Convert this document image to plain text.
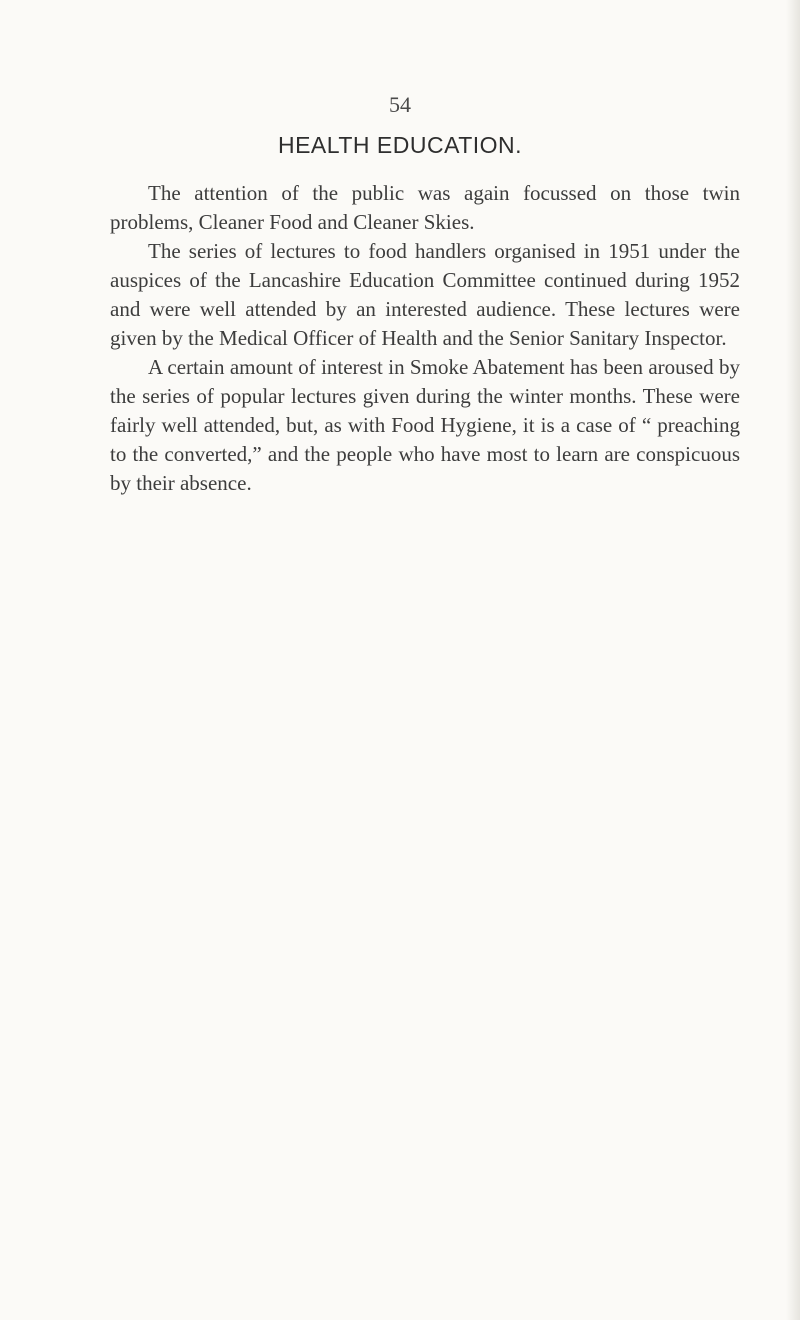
54
HEALTH EDUCATION.

The attention of the public was again focussed on those twin problems, Cleaner Food and Cleaner Skies.

The series of lectures to food handlers organised in 1951 under the auspices of the Lancashire Education Committee continued during 1952 and were well attended by an interested audience. These lectures were given by the Medical Officer of Health and the Senior Sanitary Inspector.

A certain amount of interest in Smoke Abatement has been aroused by the series of popular lectures given during the winter months. These were fairly well attended, but, as with Food Hygiene, it is a case of “ preaching to the converted,” and the people who have most to learn are conspicuous by their absence.
